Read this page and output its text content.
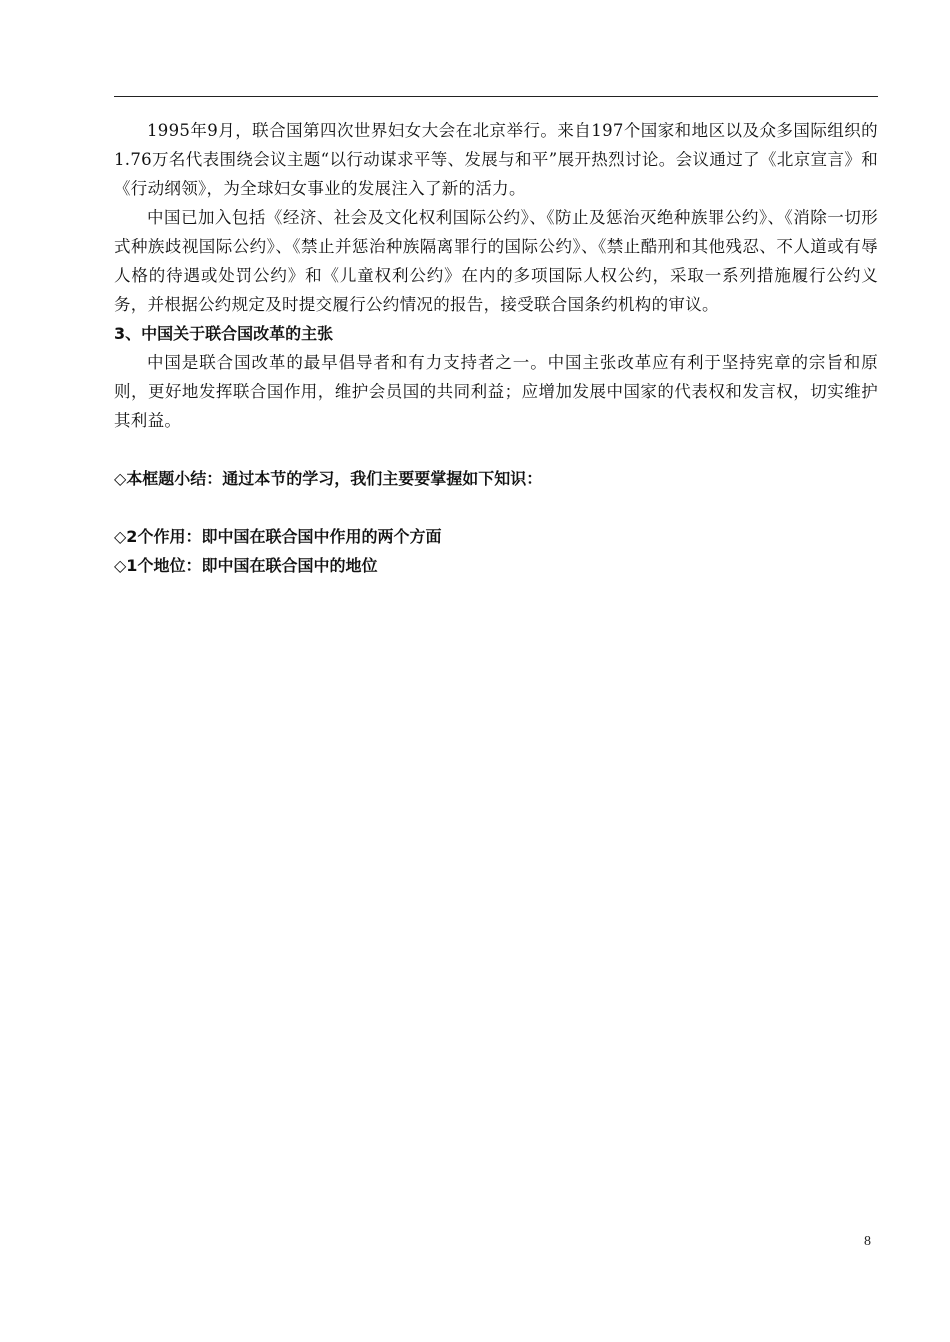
1995年9月，联合国第四次世界妇女大会在北京举行。来自197个国家和地区以及众多国际组织的1.76万名代表围绕会议主题“以行动谋求平等、发展与和平”展开热烈讨论。会议通过了《北京宣言》和《行动纲领》，为全球妇女事业的发展注入了新的活力。

中国已加入包括《经济、社会及文化权利国际公约》、《防止及惩治灭绝种族罪公约》、《消除一切形式种族歧视国际公约》、《禁止并惩治种族隔离罪行的国际公约》、《禁止酷刑和其他残忍、不人道或有辱人格的待遇或处罚公约》和《儿童权利公约》在内的多项国际人权公约，采取一系列措施履行公约义务，并根据公约规定及时提交履行公约情况的报告，接受联合国条约机构的审议。

3、中国关于联合国改革的主张

中国是联合国改革的最早倡导者和有力支持者之一。中国主张改革应有利于坚持宪章的宗旨和原则，更好地发挥联合国作用，维护会员国的共同利益；应增加发展中国家的代表权和发言权，切实维护其利益。

◇本框题小结：通过本节的学习，我们主要要掌握如下知识：

◇2个作用：即中国在联合国中作用的两个方面

◇1个地位：即中国在联合国中的地位

8
